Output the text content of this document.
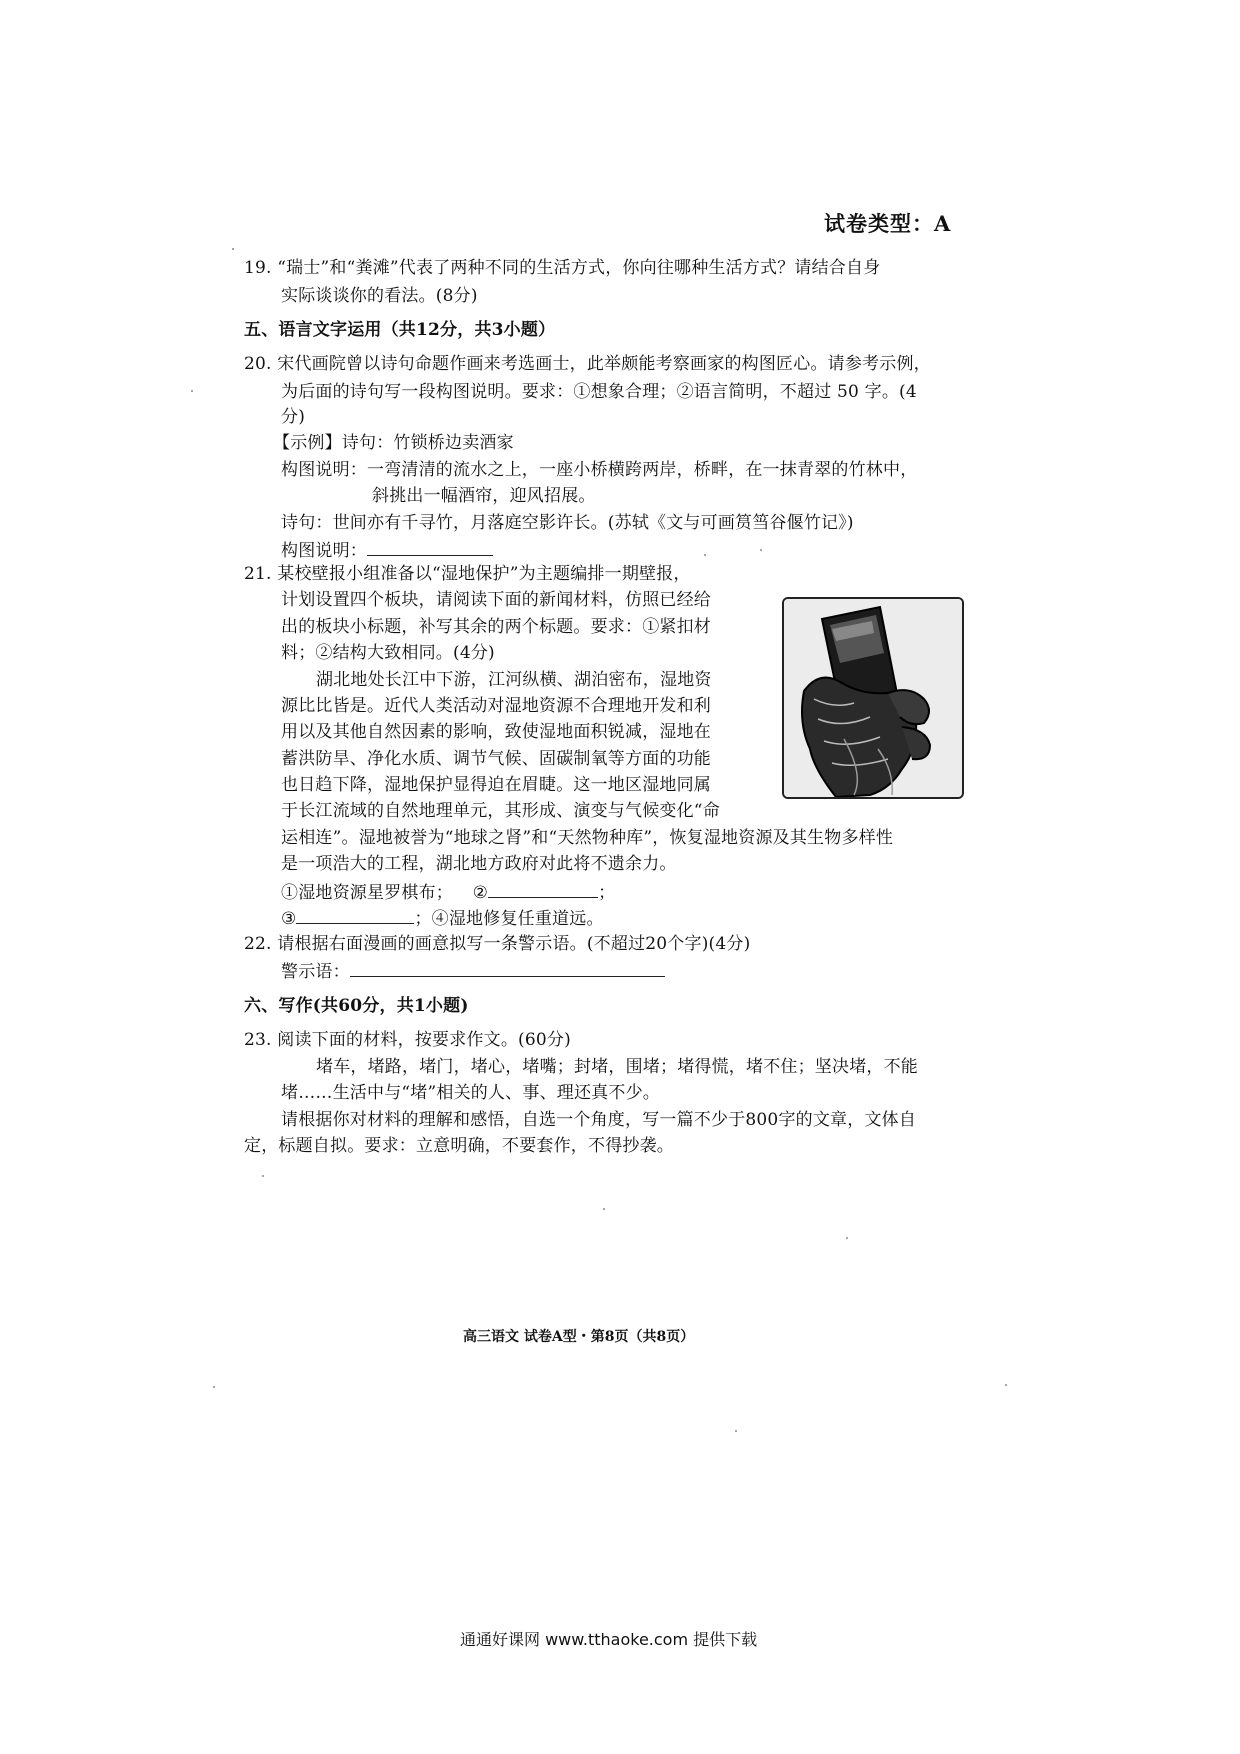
试卷类型：A
19. “瑞士”和“粪滩”代表了两种不同的生活方式，你向往哪种生活方式？请结合自身
实际谈谈你的看法。(8分)
五、语言文字运用（共12分，共3小题）
20. 宋代画院曾以诗句命题作画来考选画士，此举颇能考察画家的构图匠心。请参考示例，
为后面的诗句写一段构图说明。要求：①想象合理；②语言简明，不超过 50 字。(4
分)
【示例】诗句：竹锁桥边卖酒家
构图说明：一弯清清的流水之上，一座小桥横跨两岸，桥畔，在一抹青翠的竹林中，
斜挑出一幅酒帘，迎风招展。
诗句：世间亦有千寻竹，月落庭空影许长。(苏轼《文与可画筼筜谷偃竹记》)
构图说明：
21. 某校壁报小组准备以“湿地保护”为主题编排一期壁报，
计划设置四个板块，请阅读下面的新闻材料，仿照已经给
出的板块小标题，补写其余的两个标题。要求：①紧扣材
料；②结构大致相同。(4分)
湖北地处长江中下游，江河纵横、湖泊密布，湿地资
源比比皆是。近代人类活动对湿地资源不合理地开发和利
用以及其他自然因素的影响，致使湿地面积锐减，湿地在
蓄洪防旱、净化水质、调节气候、固碳制氧等方面的功能
也日趋下降，湿地保护显得迫在眉睫。这一地区湿地同属
于长江流域的自然地理单元，其形成、演变与气候变化“命
运相连”。湿地被誉为“地球之肾”和“天然物种库”，恢复湿地资源及其生物多样性
是一项浩大的工程，湖北地方政府对此将不遗余力。
①湿地资源星罗棋布； ②	；
③	；④湿地修复任重道远。
22. 请根据右面漫画的画意拟写一条警示语。(不超过20个字)(4分)
警示语：
六、写作(共60分，共1小题)
23. 阅读下面的材料，按要求作文。(60分)
堵车，堵路，堵门，堵心，堵嘴；封堵，围堵；堵得慌，堵不住；坚决堵，不能
堵……生活中与“堵”相关的人、事、理还真不少。
请根据你对材料的理解和感悟，自选一个角度，写一篇不少于800字的文章，文体自
定，标题自拟。要求：立意明确，不要套作，不得抄袭。
高三语文 试卷A型・第8页（共8页）
通通好课网 www.tthaoke.com 提供下载
